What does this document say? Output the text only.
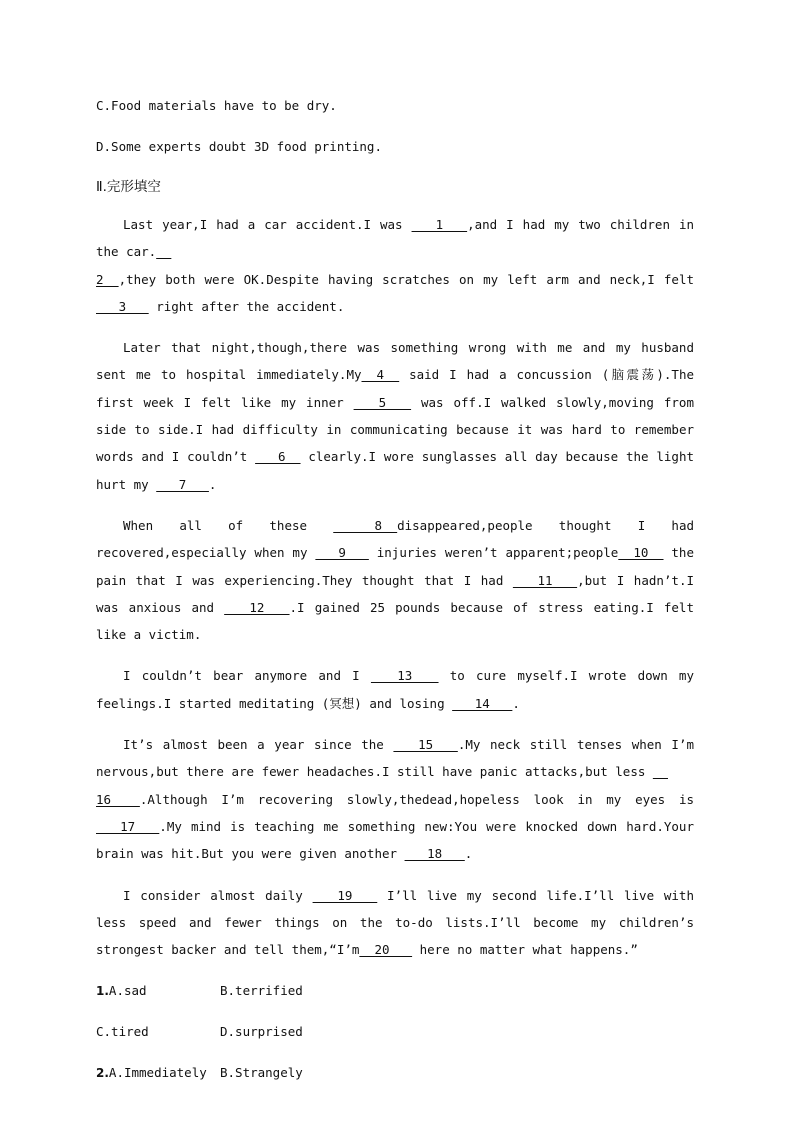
C.Food materials have to be dry.
D.Some experts doubt 3D food printing.
Ⅱ.完形填空
Last year,I had a car accident.I was  __1__ ,and I had my two children in the car.__
2__,they both were OK.Despite having scratches on my left arm and neck,I felt  __3__  right after the accident.
Later that night,though,there was something wrong with me and my husband sent me to hospital immediately.My__4__ said I had a concussion (脑震荡).The first week I felt like my inner  __5__  was off.I walked slowly,moving from side to side.I had difficulty in communicating because it was hard to remember words and I couldn’t  __6__ clearly.I wore sunglasses all day because the light hurt my  __7__ .
When all of these  __8__disappeared,people thought I had recovered,especially when my  __9__  injuries weren’t apparent;people__10__ the pain that I was experiencing.They thought that I had  __11__ ,but I hadn’t.I was anxious and  __12__ .I gained 25 pounds because of stress eating.I felt like a victim.
I couldn’t bear anymore and I  __13__  to cure myself.I wrote down my feelings.I started meditating (冥想) and losing  __14__ .
It’s almost been a year since the  __15__ .My neck still tenses when I’m nervous,but there are fewer headaches.I still have panic attacks,but less __
16__ .Although I’m recovering slowly,thedead,hopeless look in my eyes is  __17__ .My mind is teaching me something new:You were knocked down hard.Your brain was hit.But you were given another  __18__ .
I consider almost daily  __19__  I’ll live my second life.I’ll live with less speed and fewer things on the to-do lists.I’ll become my children’s strongest backer and tell them,“I’m__20__  here no matter what happens.”
1.A.sad	B.terrified
C.tired	D.surprised
2.A.Immediately	B.Strangely
